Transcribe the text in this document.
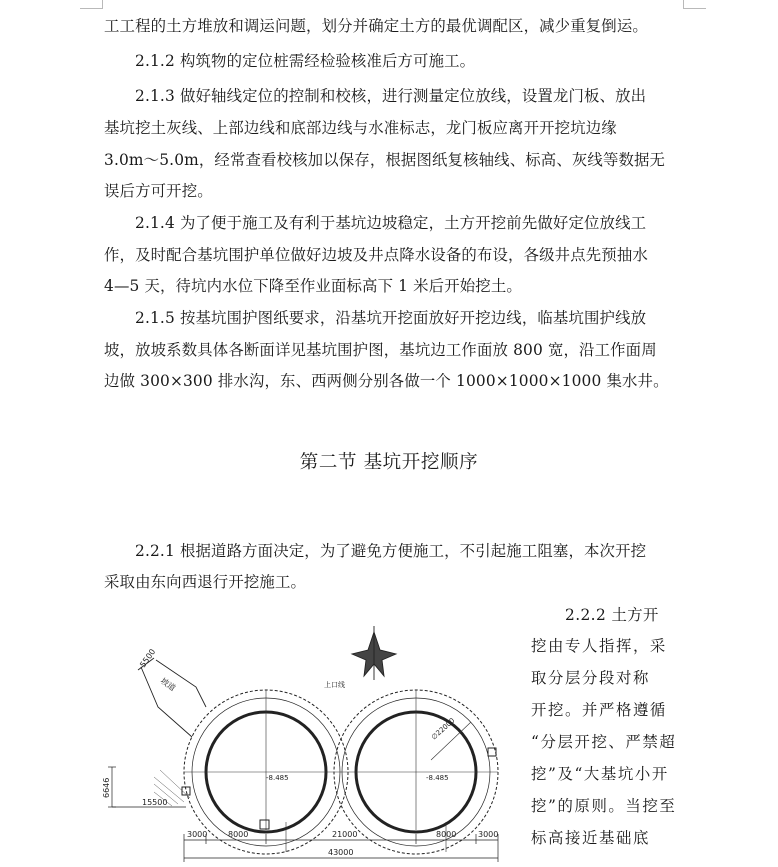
工工程的土方堆放和调运问题，划分并确定土方的最优调配区，减少重复倒运。
2.1.2 构筑物的定位桩需经检验核准后方可施工。
2.1.3 做好轴线定位的控制和校核，进行测量定位放线，设置龙门板、放出
基坑挖土灰线、上部边线和底部边线与水准标志，龙门板应离开开挖坑边缘
3.0m～5.0m，经常查看校核加以保存，根据图纸复核轴线、标高、灰线等数据无
误后方可开挖。
2.1.4 为了便于施工及有利于基坑边坡稳定，土方开挖前先做好定位放线工
作，及时配合基坑围护单位做好边坡及井点降水设备的布设，各级井点先预抽水
4—5 天，待坑内水位下降至作业面标高下 1 米后开始挖土。
2.1.5 按基坑围护图纸要求，沿基坑开挖面放好开挖边线，临基坑围护线放
坡，放坡系数具体各断面详见基坑围护图，基坑边工作面放 800 宽，沿工作面周
边做 300×300 排水沟，东、西两侧分别各做一个 1000×1000×1000 集水井。
第二节 基坑开挖顺序
2.2.1 根据道路方面决定，为了避免方便施工，不引起施工阻塞，本次开挖
采取由东向西退行开挖施工。
2.2.2 土方开
挖由专人指挥，采
取分层分段对称
开挖。并严格遵循
“分层开挖、严禁超
挖”及“大基坑小开
挖”的原则。当挖至
标高接近基础底
5500
坡道	上口线
∅22000
-8.485	-8.485
6646
15500
3000	8000	21000	8000	3000
43000
